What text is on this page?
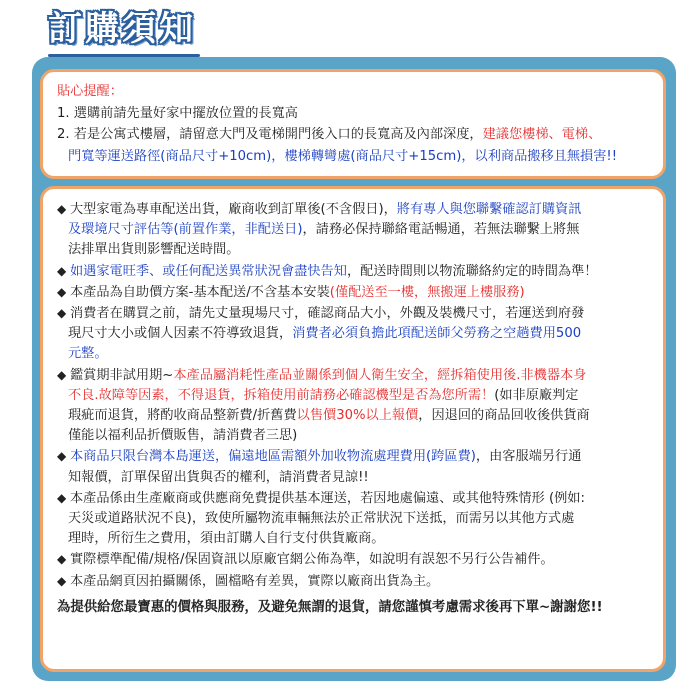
訂購須知
貼心提醒：
1. 選購前請先量好家中擺放位置的長寬高
2. 若是公寓式樓層，請留意大門及電梯開門後入口的長寬高及內部深度，建議您樓梯、電梯、
門寬等運送路徑(商品尺寸+10cm)，樓梯轉彎處(商品尺寸+15cm)，以利商品搬移且無損害!!
◆ 大型家電為專車配送出貨，廠商收到訂單後(不含假日)，將有專人與您聯繫確認訂購資訊
及環境尺寸評估等(前置作業，非配送日)，請務必保持聯絡電話暢通，若無法聯繫上將無
法排單出貨則影響配送時間。
◆ 如遇家電旺季、或任何配送異常狀況會盡快告知，配送時間則以物流聯絡約定的時間為準！
◆ 本產品為自助價方案-基本配送/不含基本安裝(僅配送至一樓，無搬運上樓服務)
◆ 消費者在購買之前，請先丈量現場尺寸，確認商品大小，外觀及裝機尺寸，若運送到府發
現尺寸大小或個人因素不符導致退貨，消費者必須負擔此項配送師父勞務之空趟費用500
元整。
◆ 鑑賞期非試用期~本產品屬消耗性產品並關係到個人衛生安全，經拆箱使用後.非機器本身
不良.故障等因素，不得退貨，拆箱使用前請務必確認機型是否為您所需！(如非原廠判定
瑕疵而退貨，將酌收商品整新費/折舊費以售價30%以上報價，因退回的商品回收後供貨商
僅能以福利品折價販售，請消費者三思)
◆ 本商品只限台灣本島運送，偏遠地區需額外加收物流處理費用(跨區費)，由客服端另行通
知報價，訂單保留出貨與否的權利，請消費者見諒!!
◆ 本產品係由生產廠商或供應商免費提供基本運送，若因地處偏遠、或其他特殊情形 (例如:
天災或道路狀況不良)，致使所屬物流車輛無法於正常狀況下送抵，而需另以其他方式處
理時，所衍生之費用，須由訂購人自行支付供貨廠商。
◆ 實際標準配備/規格/保固資訊以原廠官網公佈為準，如說明有誤恕不另行公告補件。
◆ 本產品網頁因拍攝關係，圖檔略有差異，實際以廠商出貨為主。
為提供給您最寶惠的價格與服務，及避免無謂的退貨，請您謹慎考慮需求後再下單~謝謝您!!
